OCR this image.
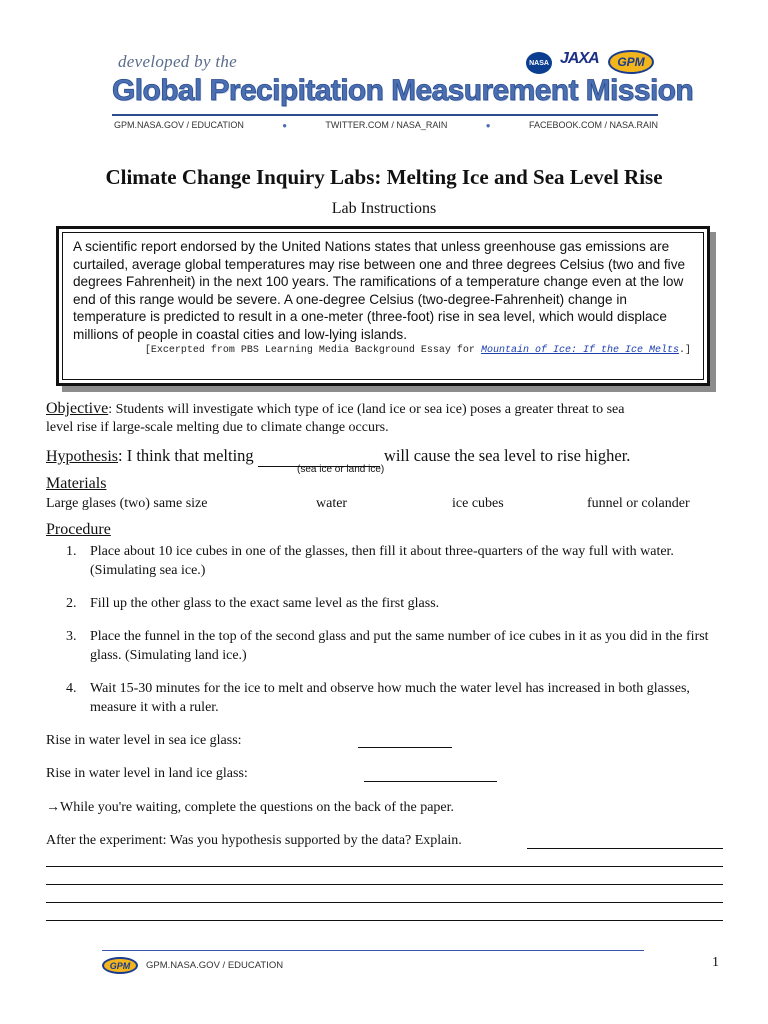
developed by the	NASA JAXA	GPM
Global Precipitation Measurement Mission
GPM.NASA.GOV / EDUCATION	●	TWITTER.COM / NASA_RAIN	●	FACEBOOK.COM / NASA.RAIN
Climate Change Inquiry Labs: Melting Ice and Sea Level Rise
Lab Instructions
A scientific report endorsed by the United Nations states that unless greenhouse gas emissions are curtailed, average global temperatures may rise between one and three degrees Celsius (two and five degrees Fahrenheit) in the next 100 years. The ramifications of a temperature change even at the low end of this range would be severe. A one-degree Celsius (two-degree-Fahrenheit) change in temperature is predicted to result in a one-meter (three-foot) rise in sea level, which would displace millions of people in coastal cities and low-lying islands.
[Excerpted from PBS Learning Media Background Essay for Mountain of Ice: If the Ice Melts.]
Objective: Students will investigate which type of ice (land ice or sea ice) poses a greater threat to sea
level rise if large-scale melting due to climate change occurs.
Hypothesis: I think that melting	will cause the sea level to rise higher.
(sea ice or land ice)
Materials
Large glases (two) same size	water	ice cubes	funnel or colander
Procedure
1. Place about 10 ice cubes in one of the glasses, then fill it about three-quarters of the way full with water. (Simulating sea ice.)
2. Fill up the other glass to the exact same level as the first glass.
3. Place the funnel in the top of the second glass and put the same number of ice cubes in it as you did in the first glass. (Simulating land ice.)
4. Wait 15-30 minutes for the ice to melt and observe how much the water level has increased in both glasses, measure it with a ruler.
Rise in water level in sea ice glass:
Rise in water level in land ice glass:
→While you're waiting, complete the questions on the back of the paper.
After the experiment: Was you hypothesis supported by the data? Explain.
GPM	GPM.NASA.GOV / EDUCATION	1
